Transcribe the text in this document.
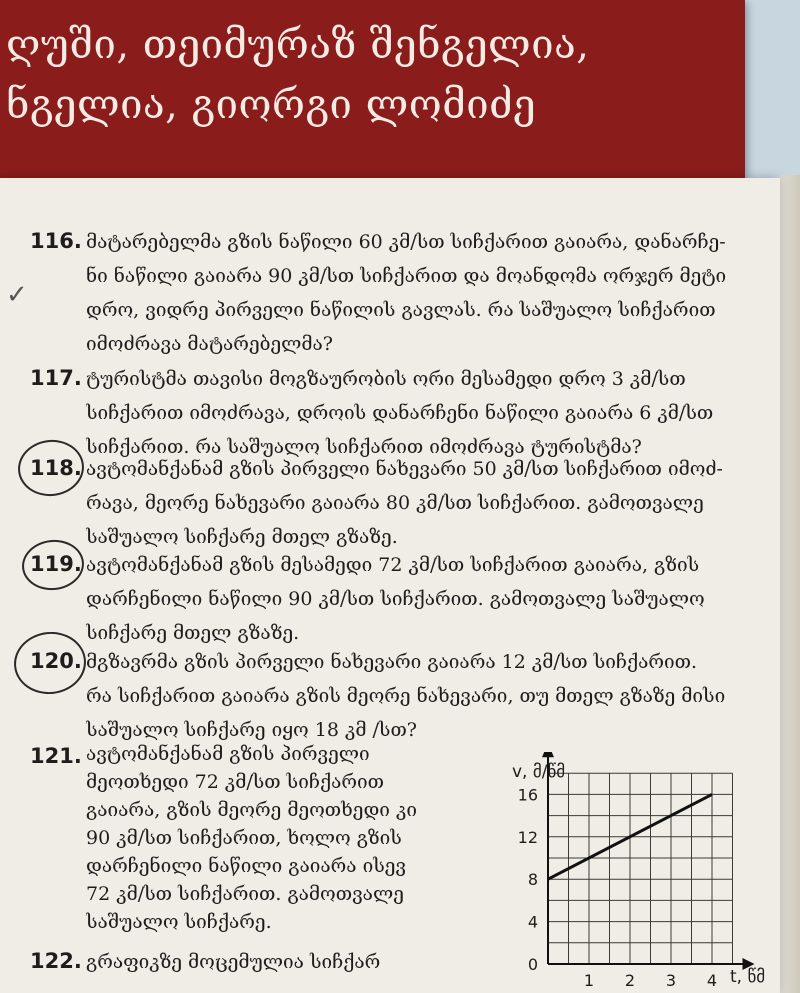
ღუში, თეიმურაზ შენგელია,
ნგელია, გიორგი ლომიძე
116. მატარებელმა გზის ნაწილი 60 კმ/სთ სიჩქარით გაიარა, დანარჩე-
ნი ნაწილი გაიარა 90 კმ/სთ სიჩქარით და მოანდომა ორჯერ მეტი
დრო, ვიდრე პირველი ნაწილის გავლას. რა საშუალო სიჩქარით
იმოძრავა მატარებელმა?
✓
117. ტურისტმა თავისი მოგზაურობის ორი მესამედი დრო 3 კმ/სთ
სიჩქარით იმოძრავა, დროის დანარჩენი ნაწილი გაიარა 6 კმ/სთ
სიჩქარით. რა საშუალო სიჩქარით იმოძრავა ტურისტმა?
118. ავტომანქანამ გზის პირველი ნახევარი 50 კმ/სთ სიჩქარით იმოძ-
რავა, მეორე ნახევარი გაიარა 80 კმ/სთ სიჩქარით. გამოთვალე
საშუალო სიჩქარე მთელ გზაზე.
119. ავტომანქანამ გზის მესამედი 72 კმ/სთ სიჩქარით გაიარა, გზის
დარჩენილი ნაწილი 90 კმ/სთ სიჩქარით. გამოთვალე საშუალო
სიჩქარე მთელ გზაზე.
120. მგზავრმა გზის პირველი ნახევარი გაიარა 12 კმ/სთ სიჩქარით.
რა სიჩქარით გაიარა გზის მეორე ნახევარი, თუ მთელ გზაზე მისი
საშუალო სიჩქარე იყო 18 კმ /სთ?
121. ავტომანქანამ გზის პირველი
მეოთხედი 72 კმ/სთ სიჩქარით
გაიარა, გზის მეორე მეოთხედი კი
90 კმ/სთ სიჩქარით, ხოლო გზის
დარჩენილი ნაწილი გაიარა ისევ
72 კმ/სთ სიჩქარით. გამოთვალე
საშუალო სიჩქარე.
122. გრაფიკზე მოცემულია სიჩქარ	0
4
8
12
16
1 2 3 4
v, მ/წმ
t, წმ
